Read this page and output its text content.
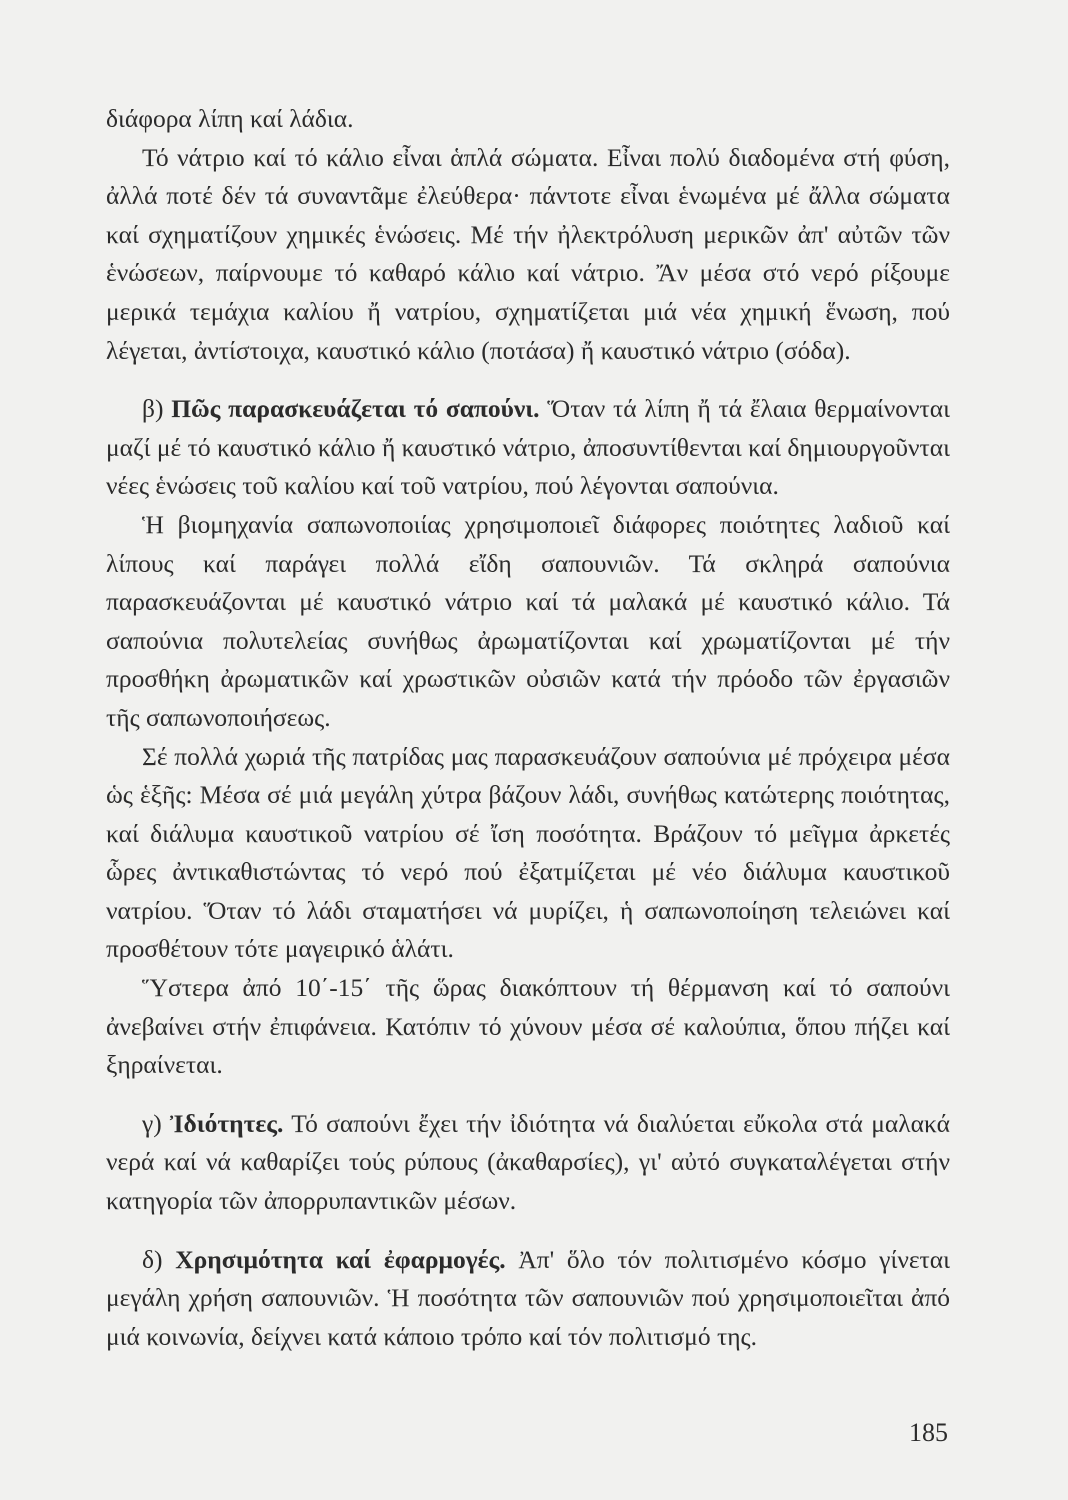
διάφορα λίπη καί λάδια.

Τό νάτριο καί τό κάλιο εἶναι ἁπλά σώματα. Εἶναι πολύ διαδομένα στή φύση, ἀλλά ποτέ δέν τά συναντᾶμε ἐλεύθερα· πάντοτε εἶναι ἑνωμένα μέ ἄλλα σώματα καί σχηματίζουν χημικές ἑνώσεις. Μέ τήν ἠλεκτρόλυση μερικῶν ἀπ' αὐτῶν τῶν ἑνώσεων, παίρνουμε τό καθαρό κάλιο καί νάτριο. Ἄν μέσα στό νερό ρίξουμε μερικά τεμάχια καλίου ἤ νατρίου, σχηματίζεται μιά νέα χημική ἕνωση, πού λέγεται, ἀντίστοιχα, καυστικό κάλιο (ποτάσα) ἤ καυστικό νάτριο (σόδα).

β) Πῶς παρασκευάζεται τό σαπούνι. Ὅταν τά λίπη ἤ τά ἔλαια θερμαίνονται μαζί μέ τό καυστικό κάλιο ἤ καυστικό νάτριο, ἀποσυντίθενται καί δημιουργοῦνται νέες ἑνώσεις τοῦ καλίου καί τοῦ νατρίου, πού λέγονται σαπούνια.

Ἡ βιομηχανία σαπωνοποιίας χρησιμοποιεῖ διάφορες ποιότητες λαδιοῦ καί λίπους καί παράγει πολλά εἴδη σαπουνιῶν. Τά σκληρά σαπούνια παρασκευάζονται μέ καυστικό νάτριο καί τά μαλακά μέ καυστικό κάλιο. Τά σαπούνια πολυτελείας συνήθως ἀρωματίζονται καί χρωματίζονται μέ τήν προσθήκη ἀρωματικῶν καί χρωστικῶν οὐσιῶν κατά τήν πρόοδο τῶν ἐργασιῶν τῆς σαπωνοποιήσεως.

Σέ πολλά χωριά τῆς πατρίδας μας παρασκευάζουν σαπούνια μέ πρόχειρα μέσα ὡς ἑξῆς: Μέσα σέ μιά μεγάλη χύτρα βάζουν λάδι, συνήθως κατώτερης ποιότητας, καί διάλυμα καυστικοῦ νατρίου σέ ἴση ποσότητα. Βράζουν τό μεῖγμα ἀρκετές ὧρες ἀντικαθιστώντας τό νερό πού ἐξατμίζεται μέ νέο διάλυμα καυστικοῦ νατρίου. Ὅταν τό λάδι σταματήσει νά μυρίζει, ἡ σαπωνοποίηση τελειώνει καί προσθέτουν τότε μαγειρικό ἁλάτι.

Ὕστερα ἀπό 10΄-15΄ τῆς ὥρας διακόπτουν τή θέρμανση καί τό σαπούνι ἀνεβαίνει στήν ἐπιφάνεια. Κατόπιν τό χύνουν μέσα σέ καλούπια, ὅπου πήζει καί ξηραίνεται.

γ) Ἰδιότητες. Τό σαπούνι ἔχει τήν ἰδιότητα νά διαλύεται εὔκολα στά μαλακά νερά καί νά καθαρίζει τούς ρύπους (ἀκαθαρσίες), γι' αὐτό συγκαταλέγεται στήν κατηγορία τῶν ἀπορρυπαντικῶν μέσων.

δ) Χρησιμότητα καί ἐφαρμογές. Ἀπ' ὅλο τόν πολιτισμένο κόσμο γίνεται μεγάλη χρήση σαπουνιῶν. Ἡ ποσότητα τῶν σαπουνιῶν πού χρησιμοποιεῖται ἀπό μιά κοινωνία, δείχνει κατά κάποιο τρόπο καί τόν πολιτισμό της.

185
